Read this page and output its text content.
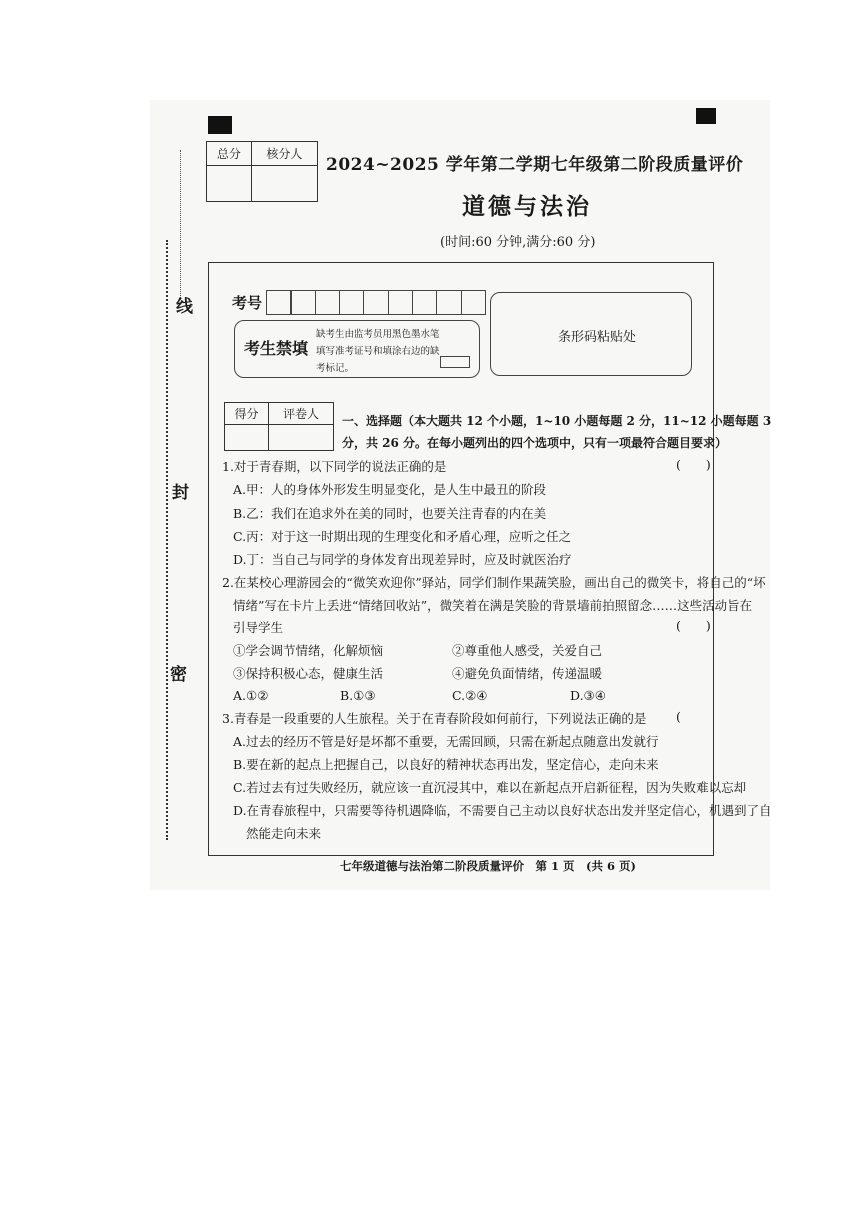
线
封
密
总分	核分人

2024~2025 学年第二学期七年级第二阶段质量评价
道德与法治
(时间:60 分钟,满分:60 分)
考号
考生禁填
缺考生由监考员用黑色墨水笔
填写准考证号和填涂右边的缺
考标记。
条形码粘贴处
得分	评卷人
	一、选择题（本大题共 12 个小题，1~10 小题每题 2 分，11~12 小题每题 3
分，共 26 分。在每小题列出的四个选项中，只有一项最符合题目要求）
1.对于青春期，以下同学的说法正确的是	(　　)
A.甲：人的身体外形发生明显变化，是人生中最丑的阶段
B.乙：我们在追求外在美的同时，也要关注青春的内在美
C.丙：对于这一时期出现的生理变化和矛盾心理，应听之任之
D.丁：当自己与同学的身体发育出现差异时，应及时就医治疗
2.在某校心理游园会的“微笑欢迎你”驿站，同学们制作果蔬笑脸，画出自己的微笑卡，将自己的“坏
情绪”写在卡片上丢进“情绪回收站”，微笑着在满是笑脸的背景墙前拍照留念……这些活动旨在
引导学生	(　　)
①学会调节情绪，化解烦恼	②尊重他人感受，关爱自己
③保持积极心态，健康生活	④避免负面情绪，传递温暖
A.①②	B.①③	C.②④	D.③④
3.青春是一段重要的人生旅程。关于在青春阶段如何前行，下列说法正确的是 (
A.过去的经历不管是好是坏都不重要，无需回顾，只需在新起点随意出发就行
B.要在新的起点上把握自己，以良好的精神状态再出发，坚定信心，走向未来
C.若过去有过失败经历，就应该一直沉浸其中，难以在新起点开启新征程，因为失败难以忘却
D.在青春旅程中，只需要等待机遇降临，不需要自己主动以良好状态出发并坚定信心，机遇到了自
然能走向未来
七年级道德与法治第二阶段质量评价　第 1 页　(共 6 页)
